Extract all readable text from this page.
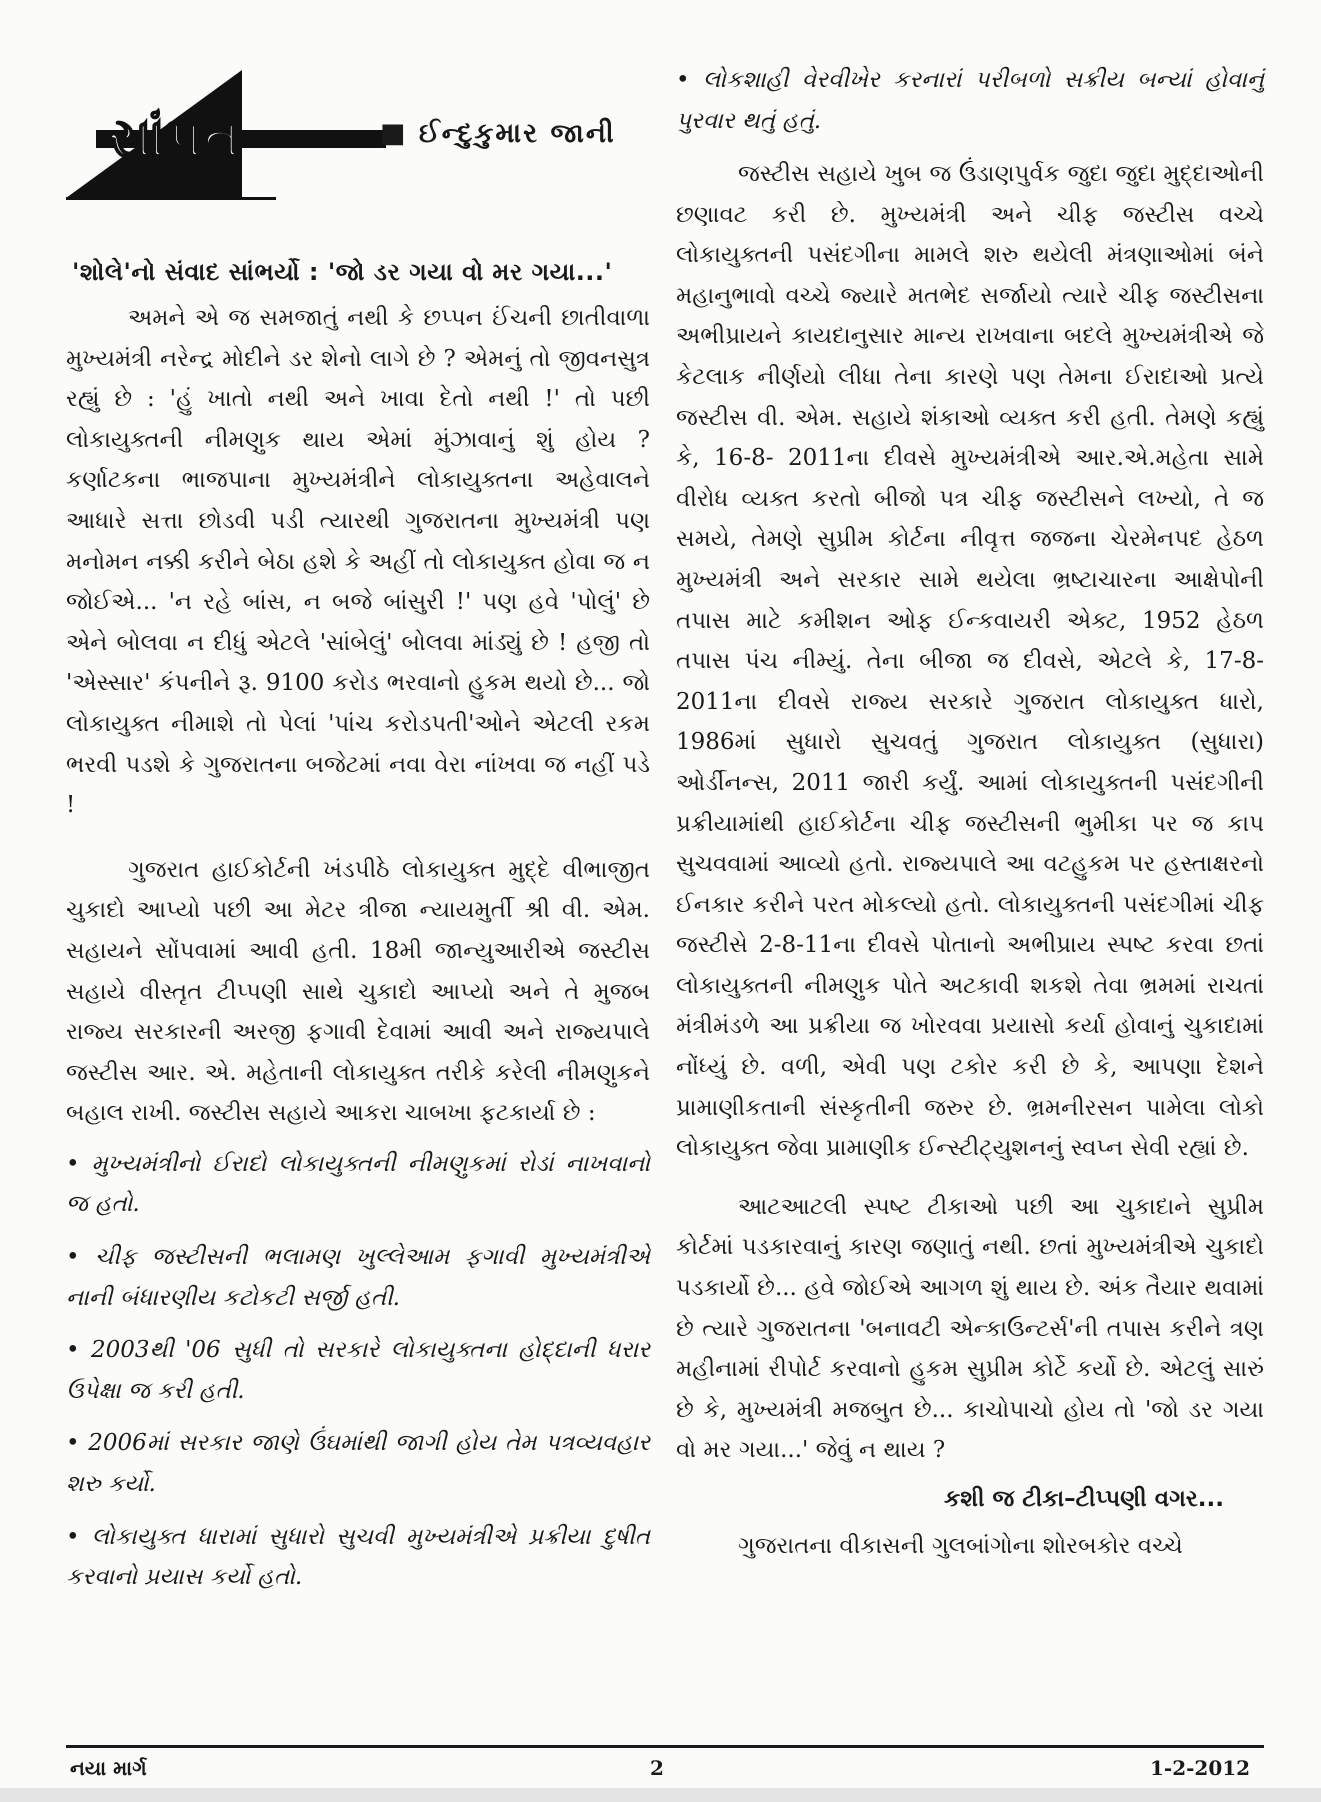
સાંપ્રત	■ ઈન્દુકુમાર જાની
'શોલે'નો સંવાદ સાંભર્યો : 'જો ડર ગયા વો મર ગયા...'

અમને એ જ સમજાતું નથી કે છપ્પન ઈંચની છાતીવાળા મુખ્યમંત્રી નરેન્દ્ર મોદીને ડર શેનો લાગે છે ? એમનું તો જીવનસુત્ર રહ્યું છે : 'હું ખાતો નથી અને ખાવા દેતો નથી !' તો પછી લોકાયુક્તની નીમણુક થાય એમાં મુંઝાવાનું શું હોય ? કર્ણાટકના ભાજપાના મુખ્યમંત્રીને લોકાયુક્તના અહેવાલને આધારે સત્તા છોડવી પડી ત્યારથી ગુજરાતના મુખ્યમંત્રી પણ મનોમન નક્કી કરીને બેઠા હશે કે અહીં તો લોકાયુક્ત હોવા જ ન જોઈએ... 'ન રહે બાંસ, ન બજે બાંસુરી !' પણ હવે 'પોલું' છે એને બોલવા ન દીધું એટલે 'સાંબેલું' બોલવા માંડ્યું છે ! હજી તો 'એસ્સાર' કંપનીને રૂ. 9100 કરોડ ભરવાનો હુકમ થયો છે... જો લોકાયુક્ત નીમાશે તો પેલાં 'પાંચ કરોડપતી'ઓને એટલી રકમ ભરવી પડશે કે ગુજરાતના બજેટમાં નવા વેરા નાંખવા જ નહીં પડે !

ગુજરાત હાઈકોર્ટની ખંડપીઠે લોકાયુક્ત મુદ્દે વીભાજીત ચુકાદો આપ્યો પછી આ મેટર ત્રીજા ન્યાયમુર્તી શ્રી વી. એમ. સહાયને સોંપવામાં આવી હતી. 18મી જાન્યુઆરીએ જસ્ટીસ સહાયે વીસ્તૃત ટીપ્પણી સાથે ચુકાદો આપ્યો અને તે મુજબ રાજ્ય સરકારની અરજી ફગાવી દેવામાં આવી અને રાજ્યપાલે જસ્ટીસ આર. એ. મહેતાની લોકાયુક્ત તરીકે કરેલી નીમણુકને બહાલ રાખી. જસ્ટીસ સહાયે આકરા ચાબખા ફટકાર્યા છે :

• મુખ્યમંત્રીનો ઈરાદો લોકાયુક્તની નીમણુકમાં રોડાં નાખવાનો જ હતો.

• ચીફ જસ્ટીસની ભલામણ ખુલ્લેઆમ ફગાવી મુખ્યમંત્રીએ નાની બંધારણીય કટોકટી સર્જી હતી.

• 2003થી '06 સુધી તો સરકારે લોકાયુક્તના હોદ્દાની ધરાર ઉપેક્ષા જ કરી હતી.

• 2006માં સરકાર જાણે ઉંઘમાંથી જાગી હોય તેમ પત્રવ્યવહાર શરુ કર્યો.

• લોકાયુક્ત ધારામાં સુધારો સુચવી મુખ્યમંત્રીએ પ્રક્રીયા દુષીત કરવાનો પ્રયાસ કર્યો હતો.

• લોકશાહી વેરવીખેર કરનારાં પરીબળો સક્રીય બન્યાં હોવાનું પુરવાર થતું હતું.

જસ્ટીસ સહાયે ખુબ જ ઉંડાણપુર્વક જુદા જુદા મુદ્દાઓની છણાવટ કરી છે. મુખ્યમંત્રી અને ચીફ જસ્ટીસ વચ્ચે લોકાયુક્તની પસંદગીના મામલે શરુ થયેલી મંત્રણાઓમાં બંને મહાનુભાવો વચ્ચે જ્યારે મતભેદ સર્જાયો ત્યારે ચીફ જસ્ટીસના અભીપ્રાયને કાયદાનુસાર માન્ય રાખવાના બદલે મુખ્યમંત્રીએ જે કેટલાક નીર્ણયો લીધા તેના કારણે પણ તેમના ઈરાદાઓ પ્રત્યે જસ્ટીસ વી. એમ. સહાયે શંકાઓ વ્યક્ત કરી હતી. તેમણે કહ્યું કે, 16-8- 2011ના દીવસે મુખ્યમંત્રીએ આર.એ.મહેતા સામે વીરોધ વ્યક્ત કરતો બીજો પત્ર ચીફ જસ્ટીસને લખ્યો, તે જ સમયે, તેમણે સુપ્રીમ કોર્ટના નીવૃત્ત જજના ચેરમેનપદ હેઠળ મુખ્યમંત્રી અને સરકાર સામે થયેલા ભ્રષ્ટાચારના આક્ષેપોની તપાસ માટે કમીશન ઓફ ઈન્કવાયરી એક્ટ, 1952 હેઠળ તપાસ પંચ નીમ્યું. તેના બીજા જ દીવસે, એટલે કે, 17-8-2011ના દીવસે રાજ્ય સરકારે ગુજરાત લોકાયુક્ત ધારો, 1986માં સુધારો સુચવતું ગુજરાત લોકાયુક્ત (સુધારા) ઓર્ડીનન્સ, 2011 જારી કર્યું. આમાં લોકાયુક્તની પસંદગીની પ્રક્રીયામાંથી હાઈકોર્ટના ચીફ જસ્ટીસની ભુમીકા પર જ કાપ સુચવવામાં આવ્યો હતો. રાજ્યપાલે આ વટહુકમ પર હસ્તાક્ષરનો ઈનકાર કરીને પરત મોકલ્યો હતો. લોકાયુક્તની પસંદગીમાં ચીફ જસ્ટીસે 2-8-11ના દીવસે પોતાનો અભીપ્રાય સ્પષ્ટ કરવા છતાં લોકાયુક્તની નીમણુક પોતે અટકાવી શકશે તેવા ભ્રમમાં રાચતાં મંત્રીમંડળે આ પ્રક્રીયા જ ખોરવવા પ્રયાસો કર્યા હોવાનું ચુકાદામાં નોંધ્યું છે. વળી, એવી પણ ટકોર કરી છે કે, આપણા દેશને પ્રામાણીકતાની સંસ્કૃતીની જરુર છે. ભ્રમનીરસન પામેલા લોકો લોકાયુક્ત જેવા પ્રામાણીક ઈન્સ્ટીટ્યુશનનું સ્વપ્ન સેવી રહ્યાં છે.

આટઆટલી સ્પષ્ટ ટીકાઓ પછી આ ચુકાદાને સુપ્રીમ કોર્ટમાં પડકારવાનું કારણ જણાતું નથી. છતાં મુખ્યમંત્રીએ ચુકાદો પડકાર્યો છે... હવે જોઈએ આગળ શું થાય છે. અંક તૈયાર થવામાં છે ત્યારે ગુજરાતના 'બનાવટી એન્કાઉન્ટર્સ'ની તપાસ કરીને ત્રણ મહીનામાં રીપોર્ટ કરવાનો હુકમ સુપ્રીમ કોર્ટે કર્યો છે. એટલું સારું છે કે, મુખ્યમંત્રી મજબુત છે... કાચોપાચો હોય તો 'જો ડર ગયા વો મર ગયા...' જેવું ન થાય ?

કશી જ ટીકા–ટીપ્પણી વગર...

ગુજરાતના વીકાસની ગુલબાંગોના શોરબકોર વચ્ચે

નયા માર્ગ	2	1-2-2012
